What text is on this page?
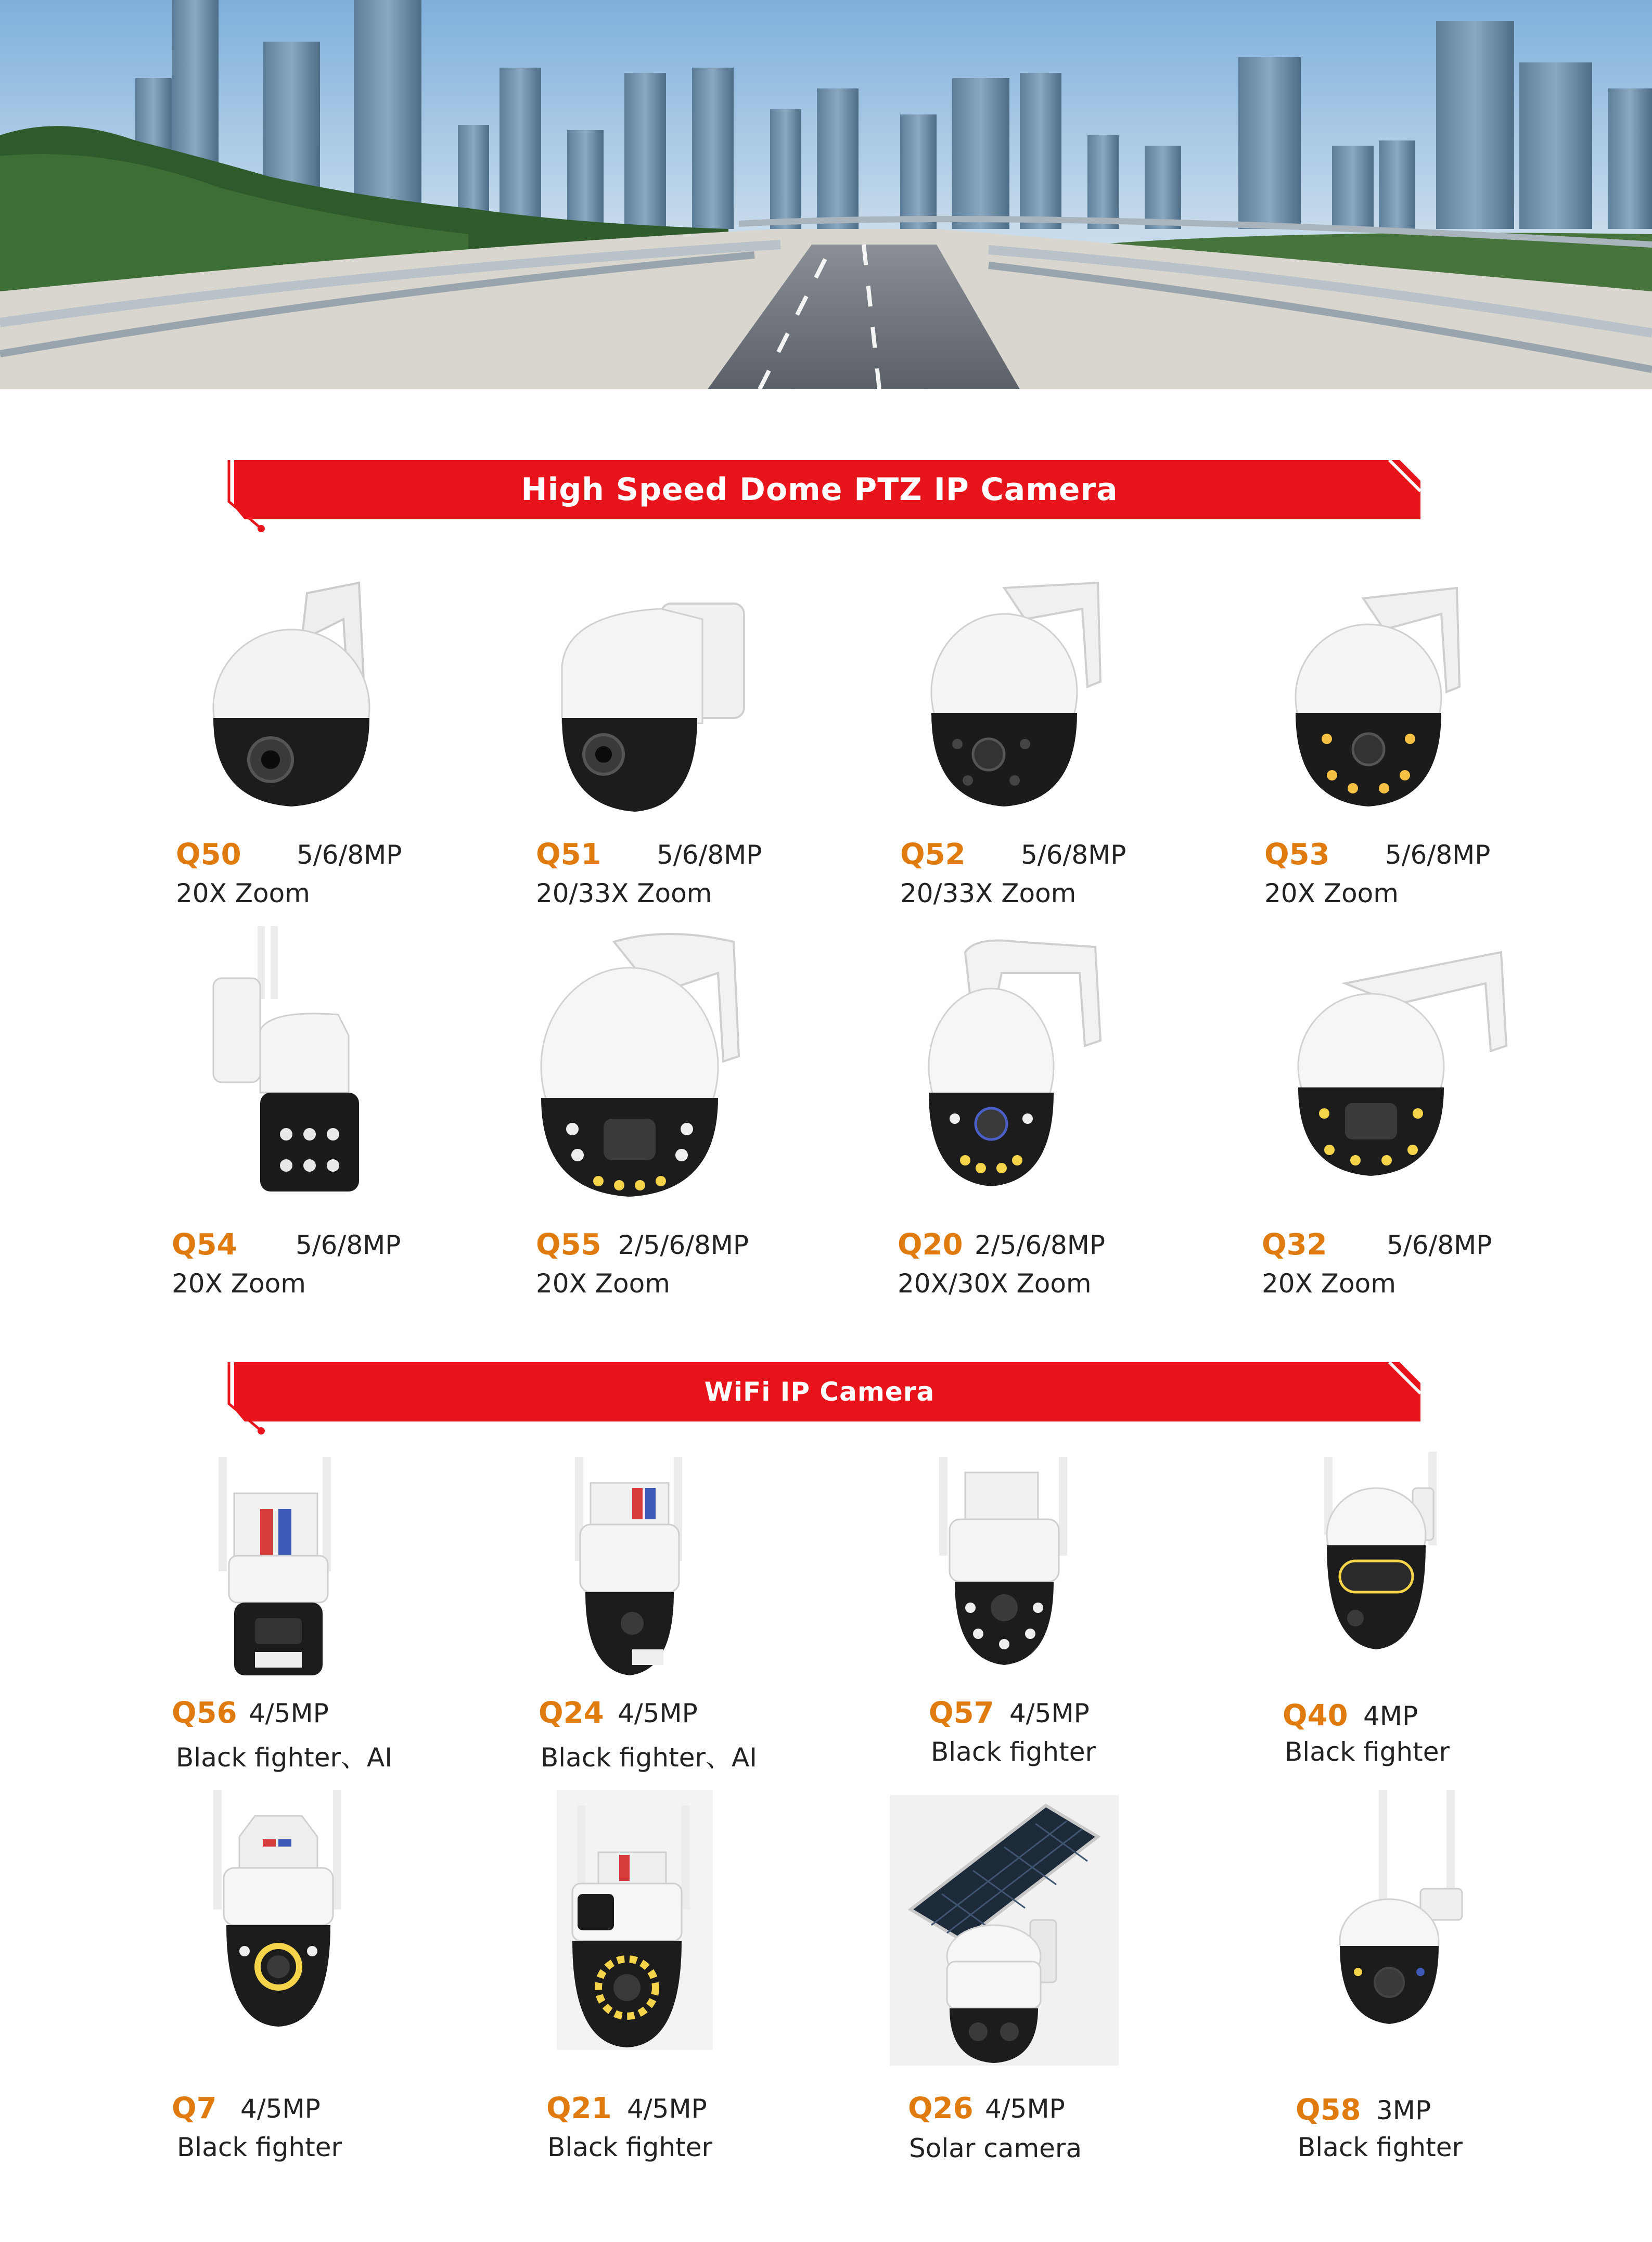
High Speed Dome PTZ IP Camera
WiFi IP Camera
Q50 5/6/8MP
20X Zoom
Q51 5/6/8MP
20/33X Zoom
Q52 5/6/8MP
20/33X Zoom
Q53 5/6/8MP
20X Zoom
Q54 5/6/8MP
20X Zoom
Q55 2/5/6/8MP
20X Zoom
Q20 2/5/6/8MP
20X/30X Zoom
Q32 5/6/8MP
20X Zoom
Q56 4/5MP
Black fighter、AI
Q24 4/5MP
Black fighter、AI
Q57 4/5MP
Black fighter
Q40 4MP
Black fighter
Q7 4/5MP
Black fighter
Q21 4/5MP
Black fighter
Q26 4/5MP
Solar camera
Q58 3MP
Black fighter
